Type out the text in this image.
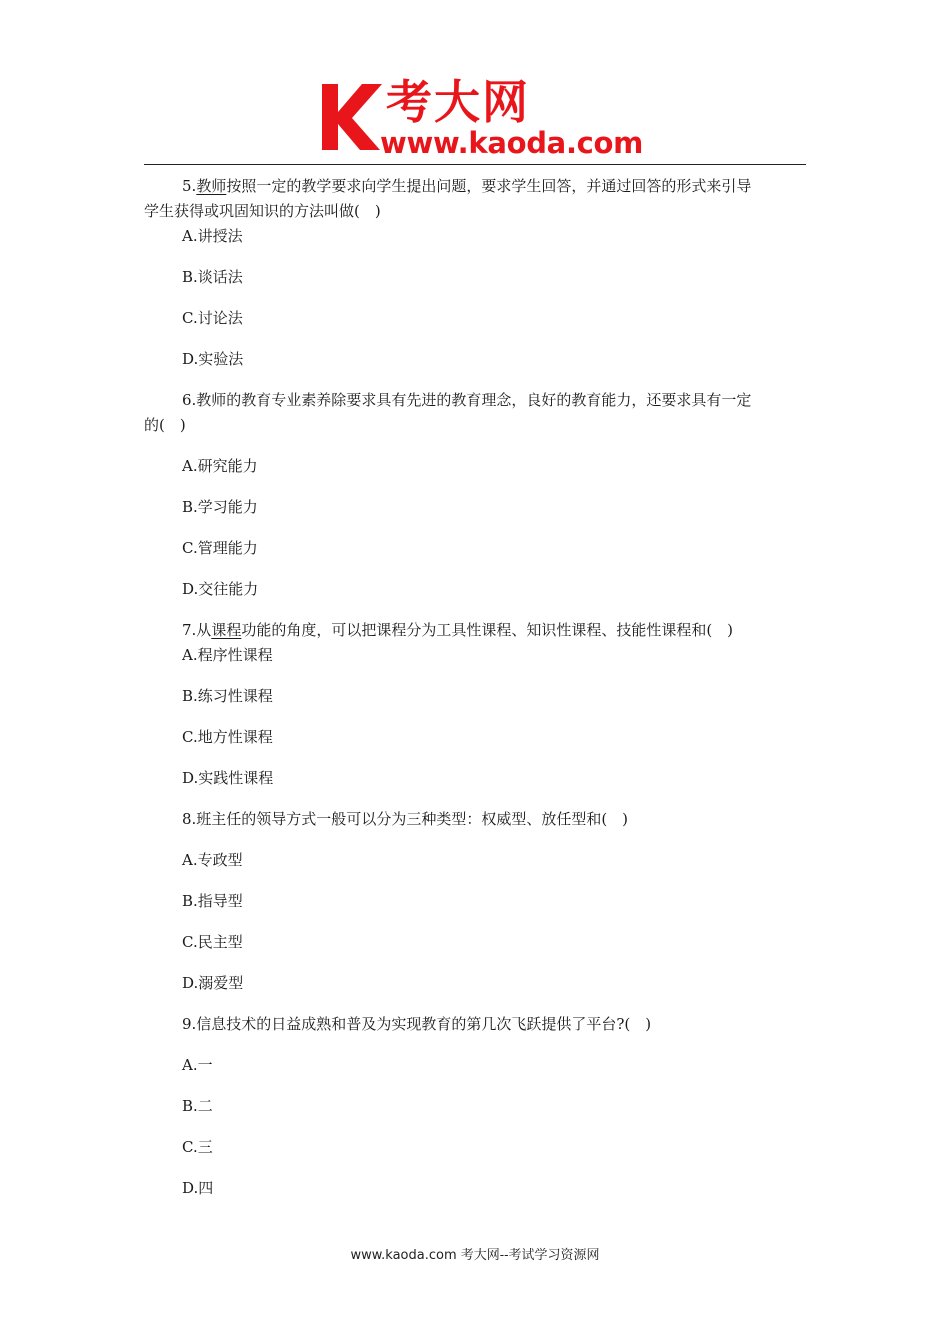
考大网
www.kaoda.com
5.教师按照一定的教学要求向学生提出问题，要求学生回答，并通过回答的形式来引导
学生获得或巩固知识的方法叫做(　)
A.讲授法
B.谈话法
C.讨论法
D.实验法
6.教师的教育专业素养除要求具有先进的教育理念，良好的教育能力，还要求具有一定
的(　)
A.研究能力
B.学习能力
C.管理能力
D.交往能力
7.从课程功能的角度，可以把课程分为工具性课程、知识性课程、技能性课程和(　)
A.程序性课程
B.练习性课程
C.地方性课程
D.实践性课程
8.班主任的领导方式一般可以分为三种类型：权威型、放任型和(　)
A.专政型
B.指导型
C.民主型
D.溺爱型
9.信息技术的日益成熟和普及为实现教育的第几次飞跃提供了平台?(　)
A.一
B.二
C.三
D.四
www.kaoda.com 考大网--考试学习资源网
